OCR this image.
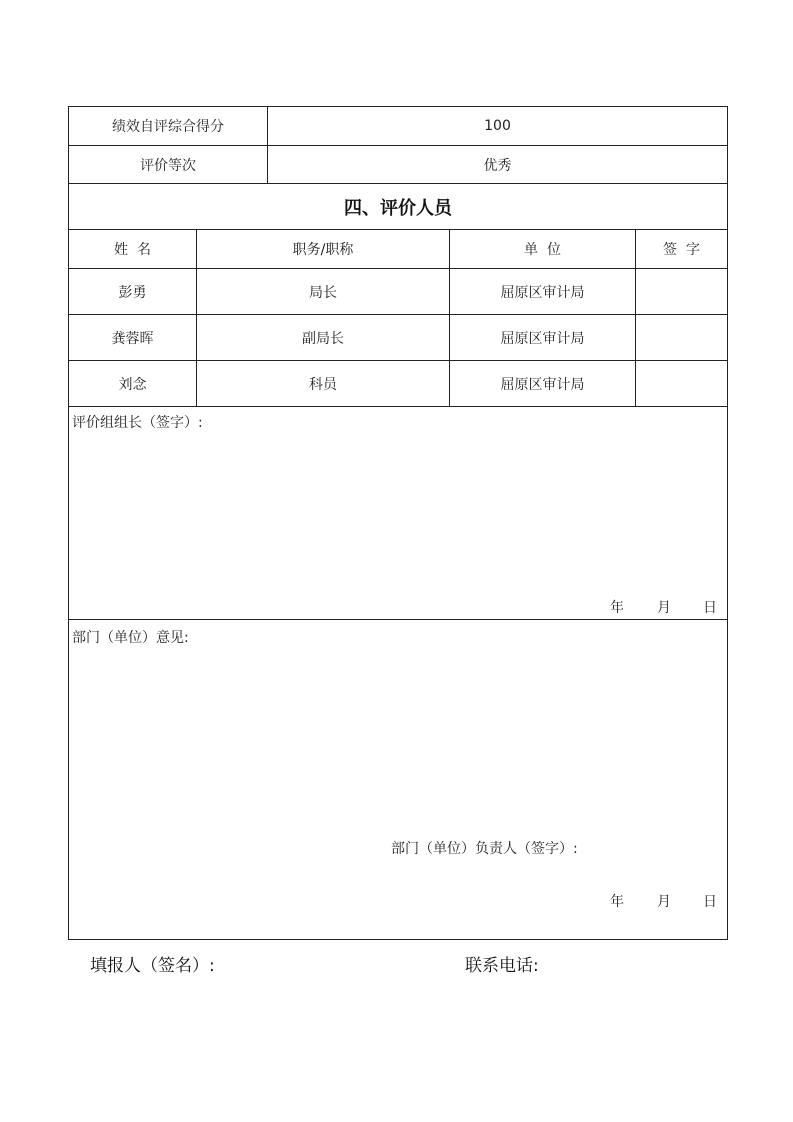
绩效自评综合得分	100
评价等次	优秀
四、评价人员
姓  名	职务/职称	单  位	签  字
彭勇	局长	屈原区审计局
龚蓉晖	副局长	屈原区审计局
刘念	科员	屈原区审计局
评价组组长（签字）:
年 月 日
部门（单位）意见:
部门（单位）负责人（签字）:
年 月 日
填报人（签名）:	联系电话:
